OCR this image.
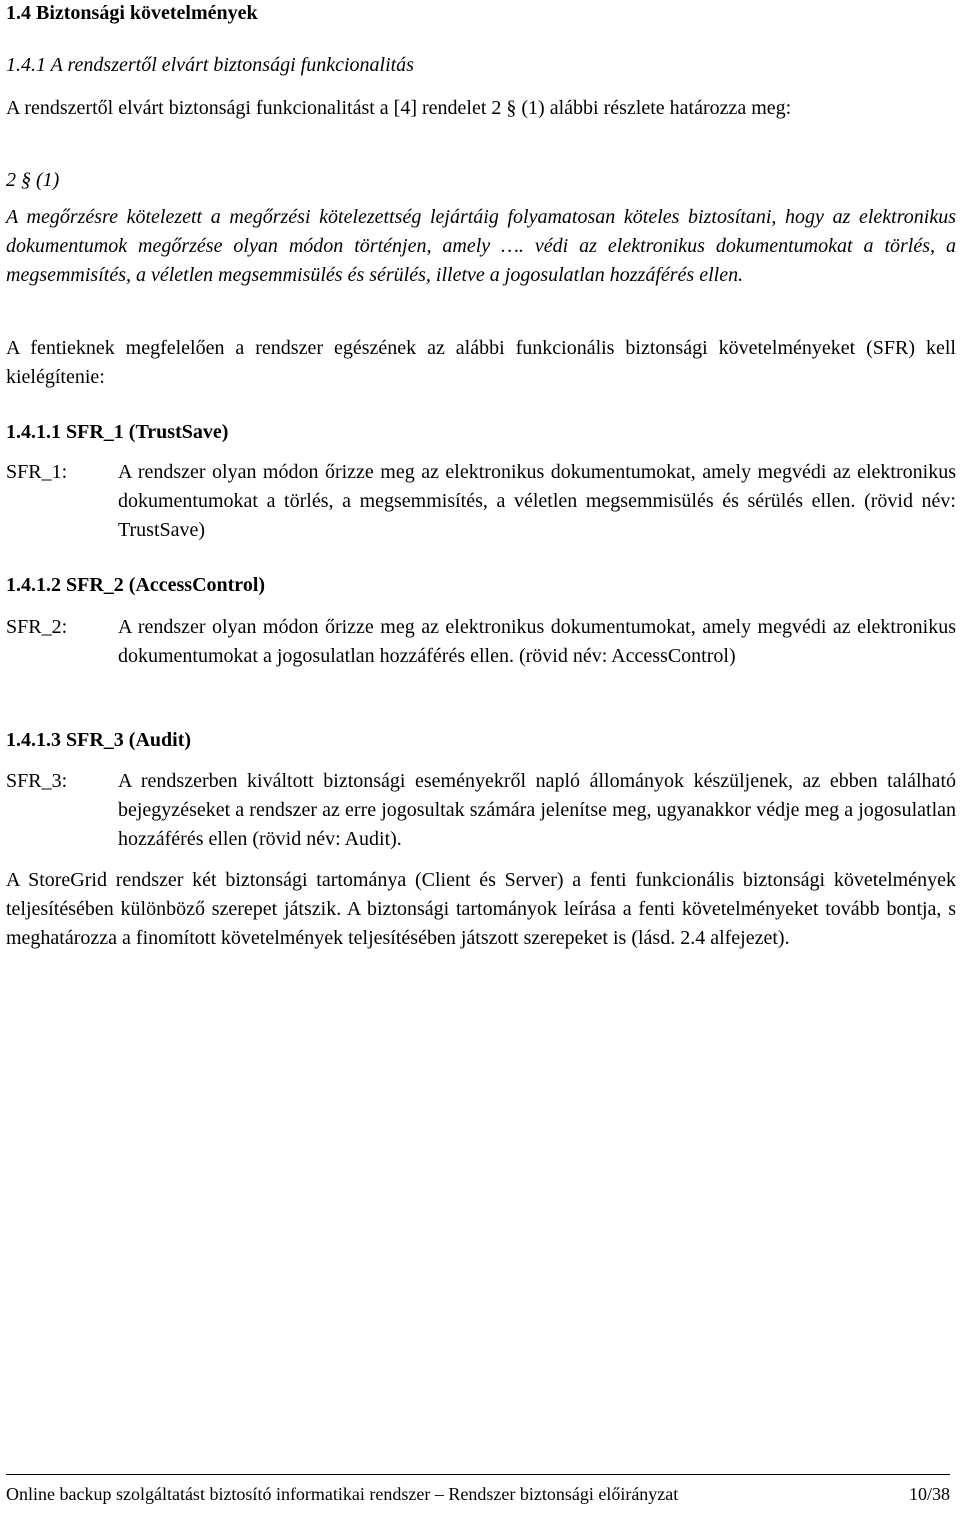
1.4 Biztonsági követelmények
1.4.1 A rendszertől elvárt biztonsági funkcionalitás
A rendszertől elvárt biztonsági funkcionalitást a [4] rendelet 2 § (1) alábbi részlete határozza meg:
2 § (1)
A megőrzésre kötelezett a megőrzési kötelezettség lejártáig folyamatosan köteles biztosítani, hogy az elektronikus dokumentumok megőrzése olyan módon történjen, amely …. védi az elektronikus dokumentumokat a törlés, a megsemmisítés, a véletlen megsemmisülés és sérülés, illetve a jogosulatlan hozzáférés ellen.
A fentieknek megfelelően a rendszer egészének az alábbi funkcionális biztonsági követelményeket (SFR) kell kielégítenie:
1.4.1.1 SFR_1 (TrustSave)
SFR_1:	A rendszer olyan módon őrizze meg az elektronikus dokumentumokat, amely megvédi az elektronikus dokumentumokat a törlés, a megsemmisítés, a véletlen megsemmisülés és sérülés ellen. (rövid név: TrustSave)
1.4.1.2 SFR_2 (AccessControl)
SFR_2:	A rendszer olyan módon őrizze meg az elektronikus dokumentumokat, amely megvédi az elektronikus dokumentumokat a jogosulatlan hozzáférés ellen. (rövid név: AccessControl)
1.4.1.3 SFR_3 (Audit)
SFR_3:	A rendszerben kiváltott biztonsági eseményekről napló állományok készüljenek, az ebben található bejegyzéseket a rendszer az erre jogosultak számára jelenítse meg, ugyanakkor védje meg a jogosulatlan hozzáférés ellen (rövid név: Audit).
A StoreGrid rendszer két biztonsági tartománya (Client és Server) a fenti funkcionális biztonsági követelmények teljesítésében különböző szerepet játszik. A biztonsági tartományok leírása a fenti követelményeket tovább bontja, s meghatározza a finomított követelmények teljesítésében játszott szerepeket is (lásd. 2.4 alfejezet).
Online backup szolgáltatást biztosító informatikai rendszer – Rendszer biztonsági előirányzat	10/38
